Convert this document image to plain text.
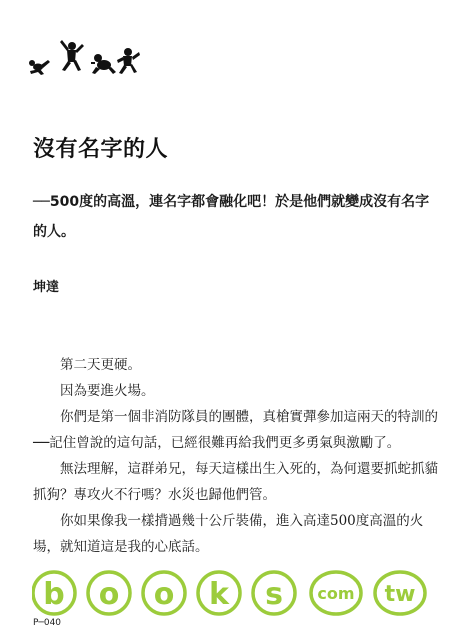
沒有名字的人
──500度的高溫，連名字都會融化吧！於是他們就變成沒有名字的人。
坤達

第二天更硬。

因為要進火場。

你們是第一個非消防隊員的團體，真槍實彈參加這兩天的特訓的──記住曾說的這句話，已經很難再給我們更多勇氣與激勵了。

無法理解，這群弟兄，每天這樣出生入死的，為何還要抓蛇抓貓抓狗？專攻火不行嗎？水災也歸他們管。

你如果像我一樣揹過幾十公斤裝備，進入高達500度高溫的火場，就知道這是我的心底話。

b o o k s com tw
P─040
